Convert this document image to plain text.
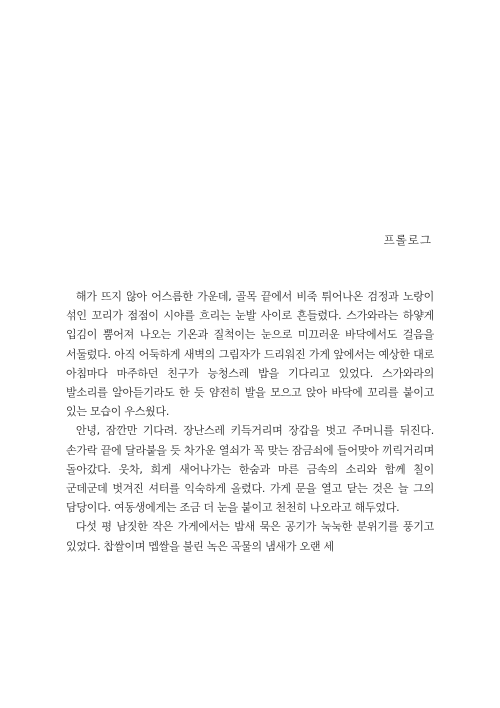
프롤로그

해가 뜨지 않아 어스름한 가운데, 골목 끝에서 비죽 튀어나온 검정과 노랑이 섞인 꼬리가 점점이 시야를 흐리는 눈발 사이로 흔들렸다. 스가와라는 하얗게 입김이 뿜어져 나오는 기온과 질척이는 눈으로 미끄러운 바닥에서도 걸음을 서둘렀다. 아직 어둑하게 새벽의 그림자가 드리워진 가게 앞에서는 예상한 대로 아침마다 마주하던 친구가 능청스레 밥을 기다리고 있었다. 스가와라의 발소리를 알아듣기라도 한 듯 얌전히 발을 모으고 앉아 바닥에 꼬리를 붙이고 있는 모습이 우스웠다.

안녕, 잠깐만 기다려. 장난스레 키득거리며 장갑을 벗고 주머니를 뒤진다. 손가락 끝에 달라붙을 듯 차가운 열쇠가 꼭 맞는 잠금쇠에 들어맞아 끼릭거리며 돌아갔다. 웃차, 희게 새어나가는 한숨과 마른 금속의 소리와 함께 칠이 군데군데 벗겨진 셔터를 익숙하게 올렸다. 가게 문을 열고 닫는 것은 늘 그의 담당이다. 여동생에게는 조금 더 눈을 붙이고 천천히 나오라고 해두었다.

다섯 평 남짓한 작은 가게에서는 밤새 묵은 공기가 눅눅한 분위기를 풍기고 있었다. 찹쌀이며 멥쌀을 불린 녹은 곡물의 냄새가 오랜 세
